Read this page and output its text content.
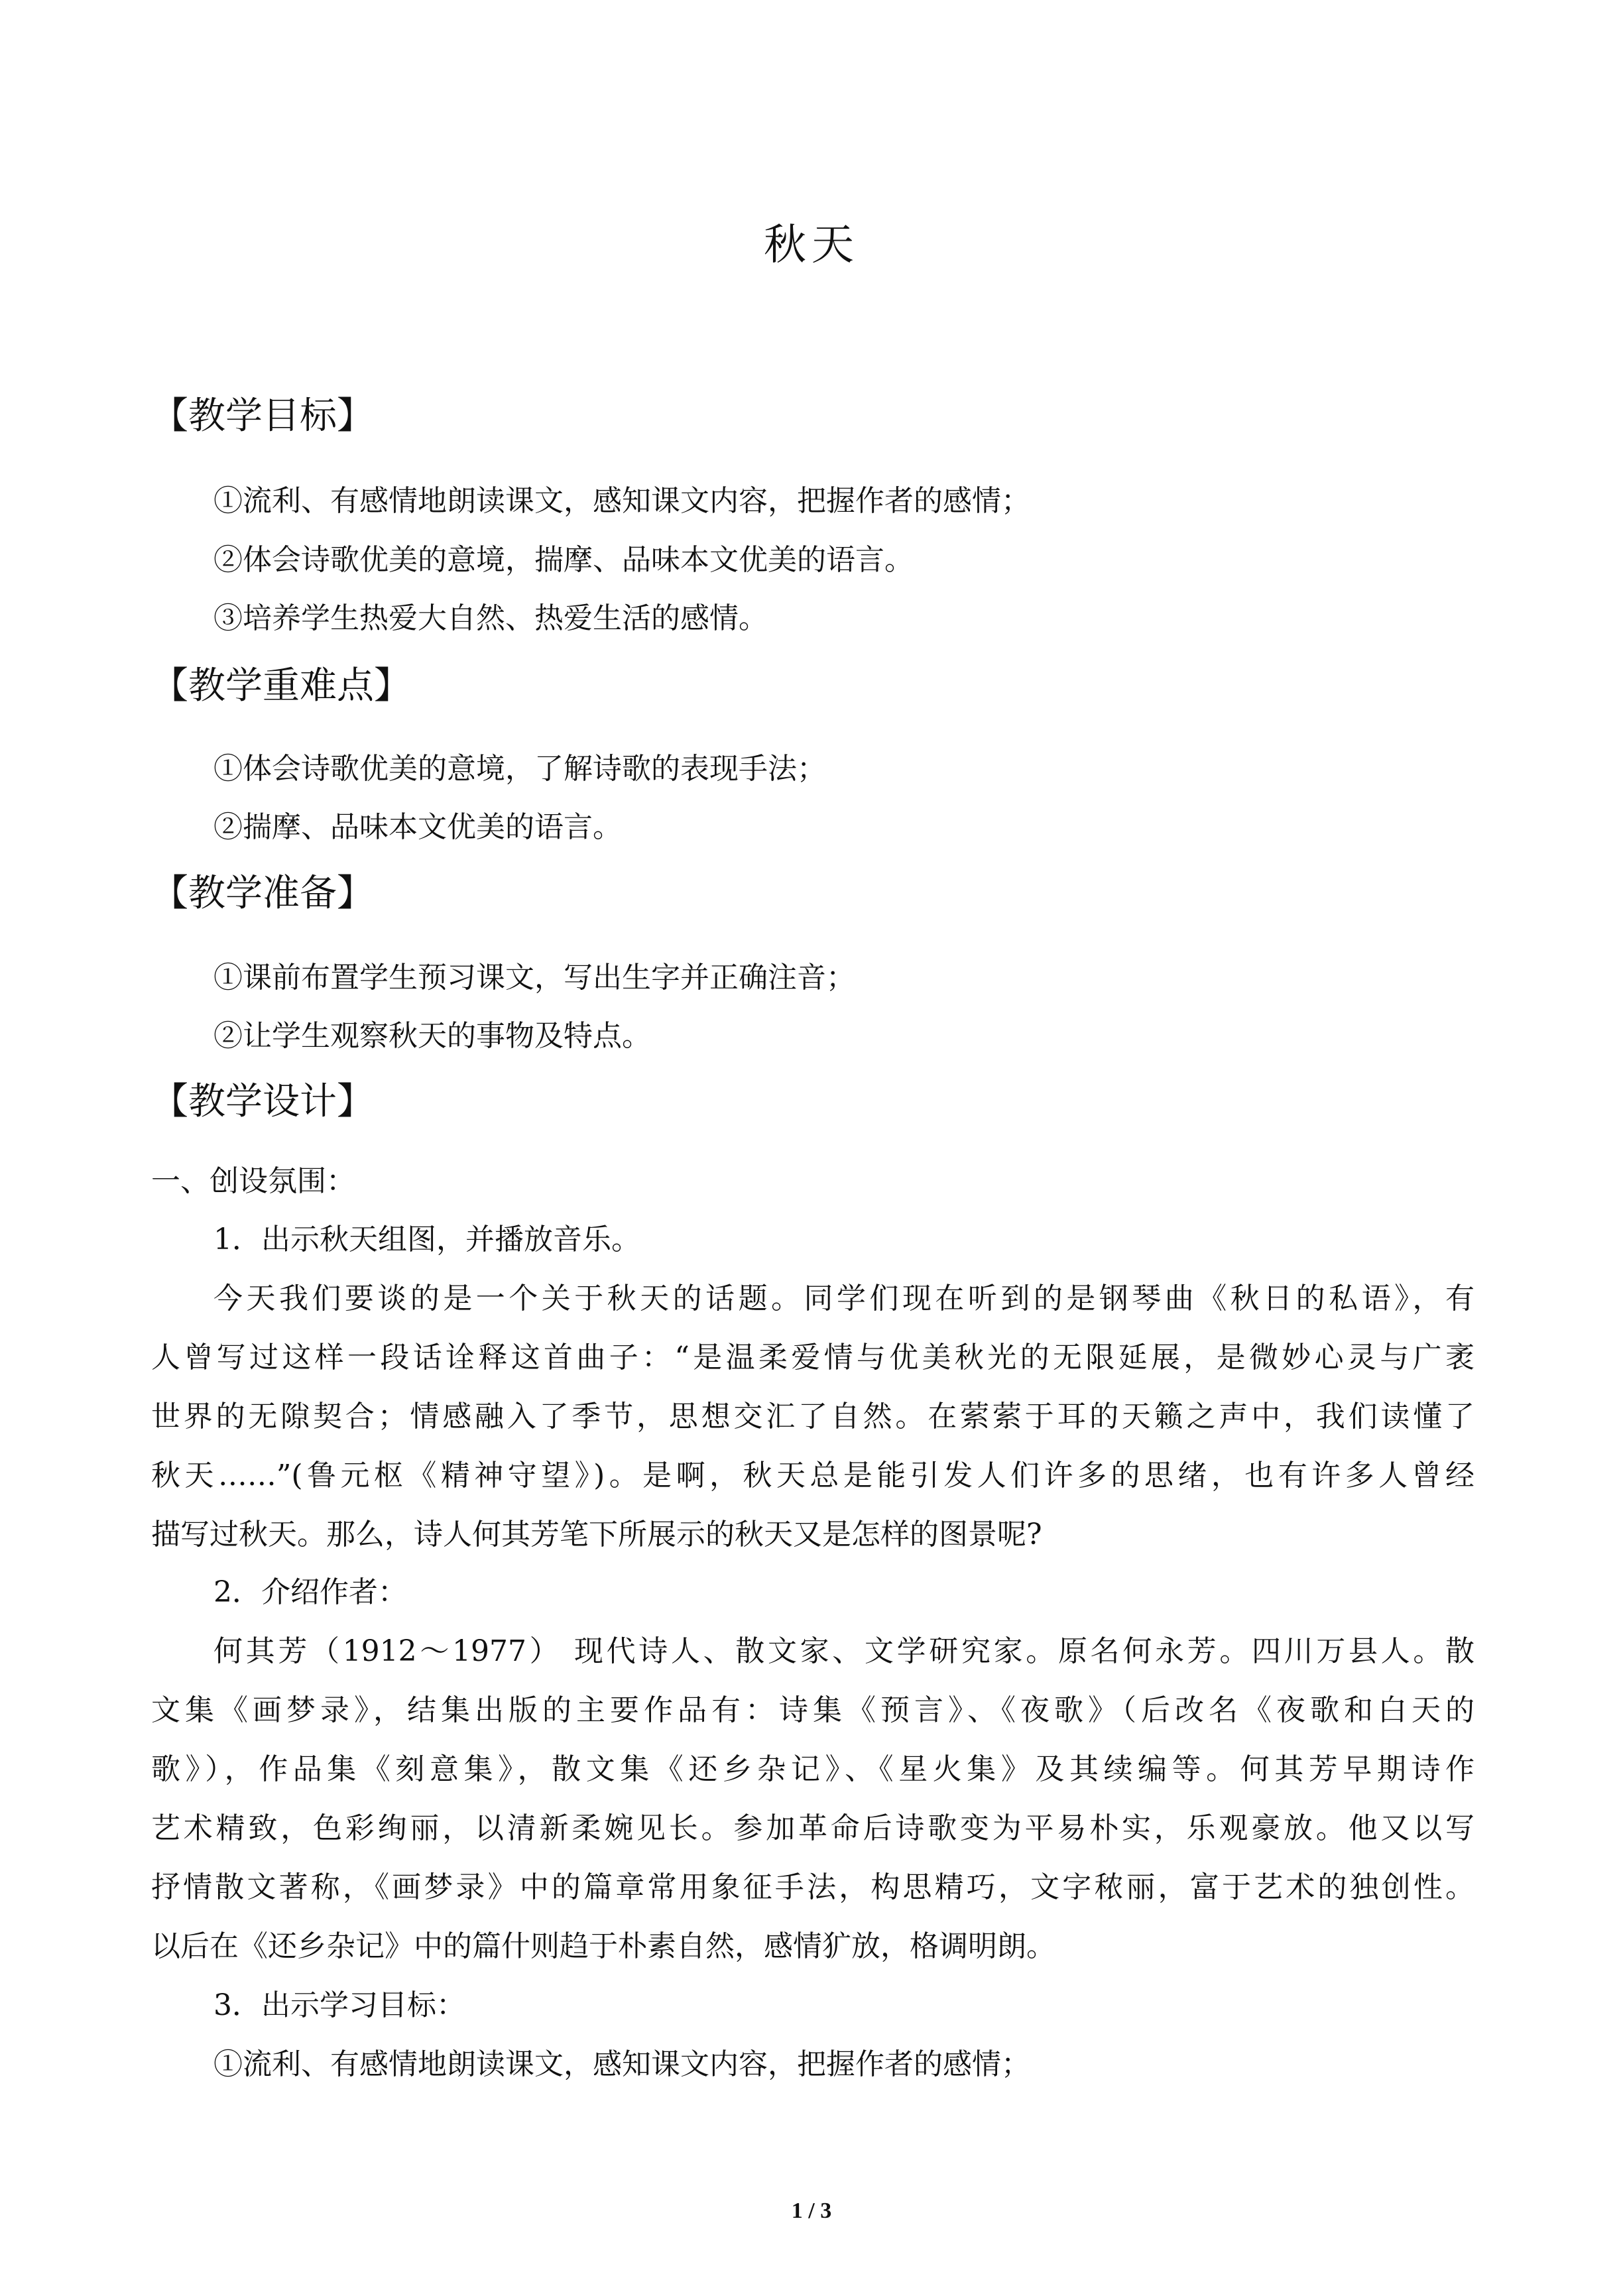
秋天
【教学目标】
①流利、有感情地朗读课文，感知课文内容，把握作者的感情；
②体会诗歌优美的意境，揣摩、品味本文优美的语言。
③培养学生热爱大自然、热爱生活的感情。
【教学重难点】
①体会诗歌优美的意境，了解诗歌的表现手法；
②揣摩、品味本文优美的语言。
【教学准备】
①课前布置学生预习课文，写出生字并正确注音；
②让学生观察秋天的事物及特点。
【教学设计】
一、创设氛围：
1．出示秋天组图，并播放音乐。
今天我们要谈的是一个关于秋天的话题。同学们现在听到的是钢琴曲《秋日的私语》，有
人曾写过这样一段话诠释这首曲子：“是温柔爱情与优美秋光的无限延展，是微妙心灵与广袤
世界的无隙契合；情感融入了季节，思想交汇了自然。在萦萦于耳的天籁之声中，我们读懂了
秋天……”(鲁元枢《精神守望》)。是啊，秋天总是能引发人们许多的思绪，也有许多人曾经
描写过秋天。那么，诗人何其芳笔下所展示的秋天又是怎样的图景呢?
2．介绍作者：
何其芳（1912～1977） 现代诗人、散文家、文学研究家。原名何永芳。四川万县人。散
文集《画梦录》，结集出版的主要作品有：诗集《预言》、《夜歌》（后改名《夜歌和白天的
歌》），作品集《刻意集》，散文集《还乡杂记》、《星火集》及其续编等。何其芳早期诗作
艺术精致，色彩绚丽，以清新柔婉见长。参加革命后诗歌变为平易朴实，乐观豪放。他又以写
抒情散文著称，《画梦录》中的篇章常用象征手法，构思精巧，文字秾丽，富于艺术的独创性。
以后在《还乡杂记》中的篇什则趋于朴素自然，感情犷放，格调明朗。
3．出示学习目标：
①流利、有感情地朗读课文，感知课文内容，把握作者的感情；
1 / 3
